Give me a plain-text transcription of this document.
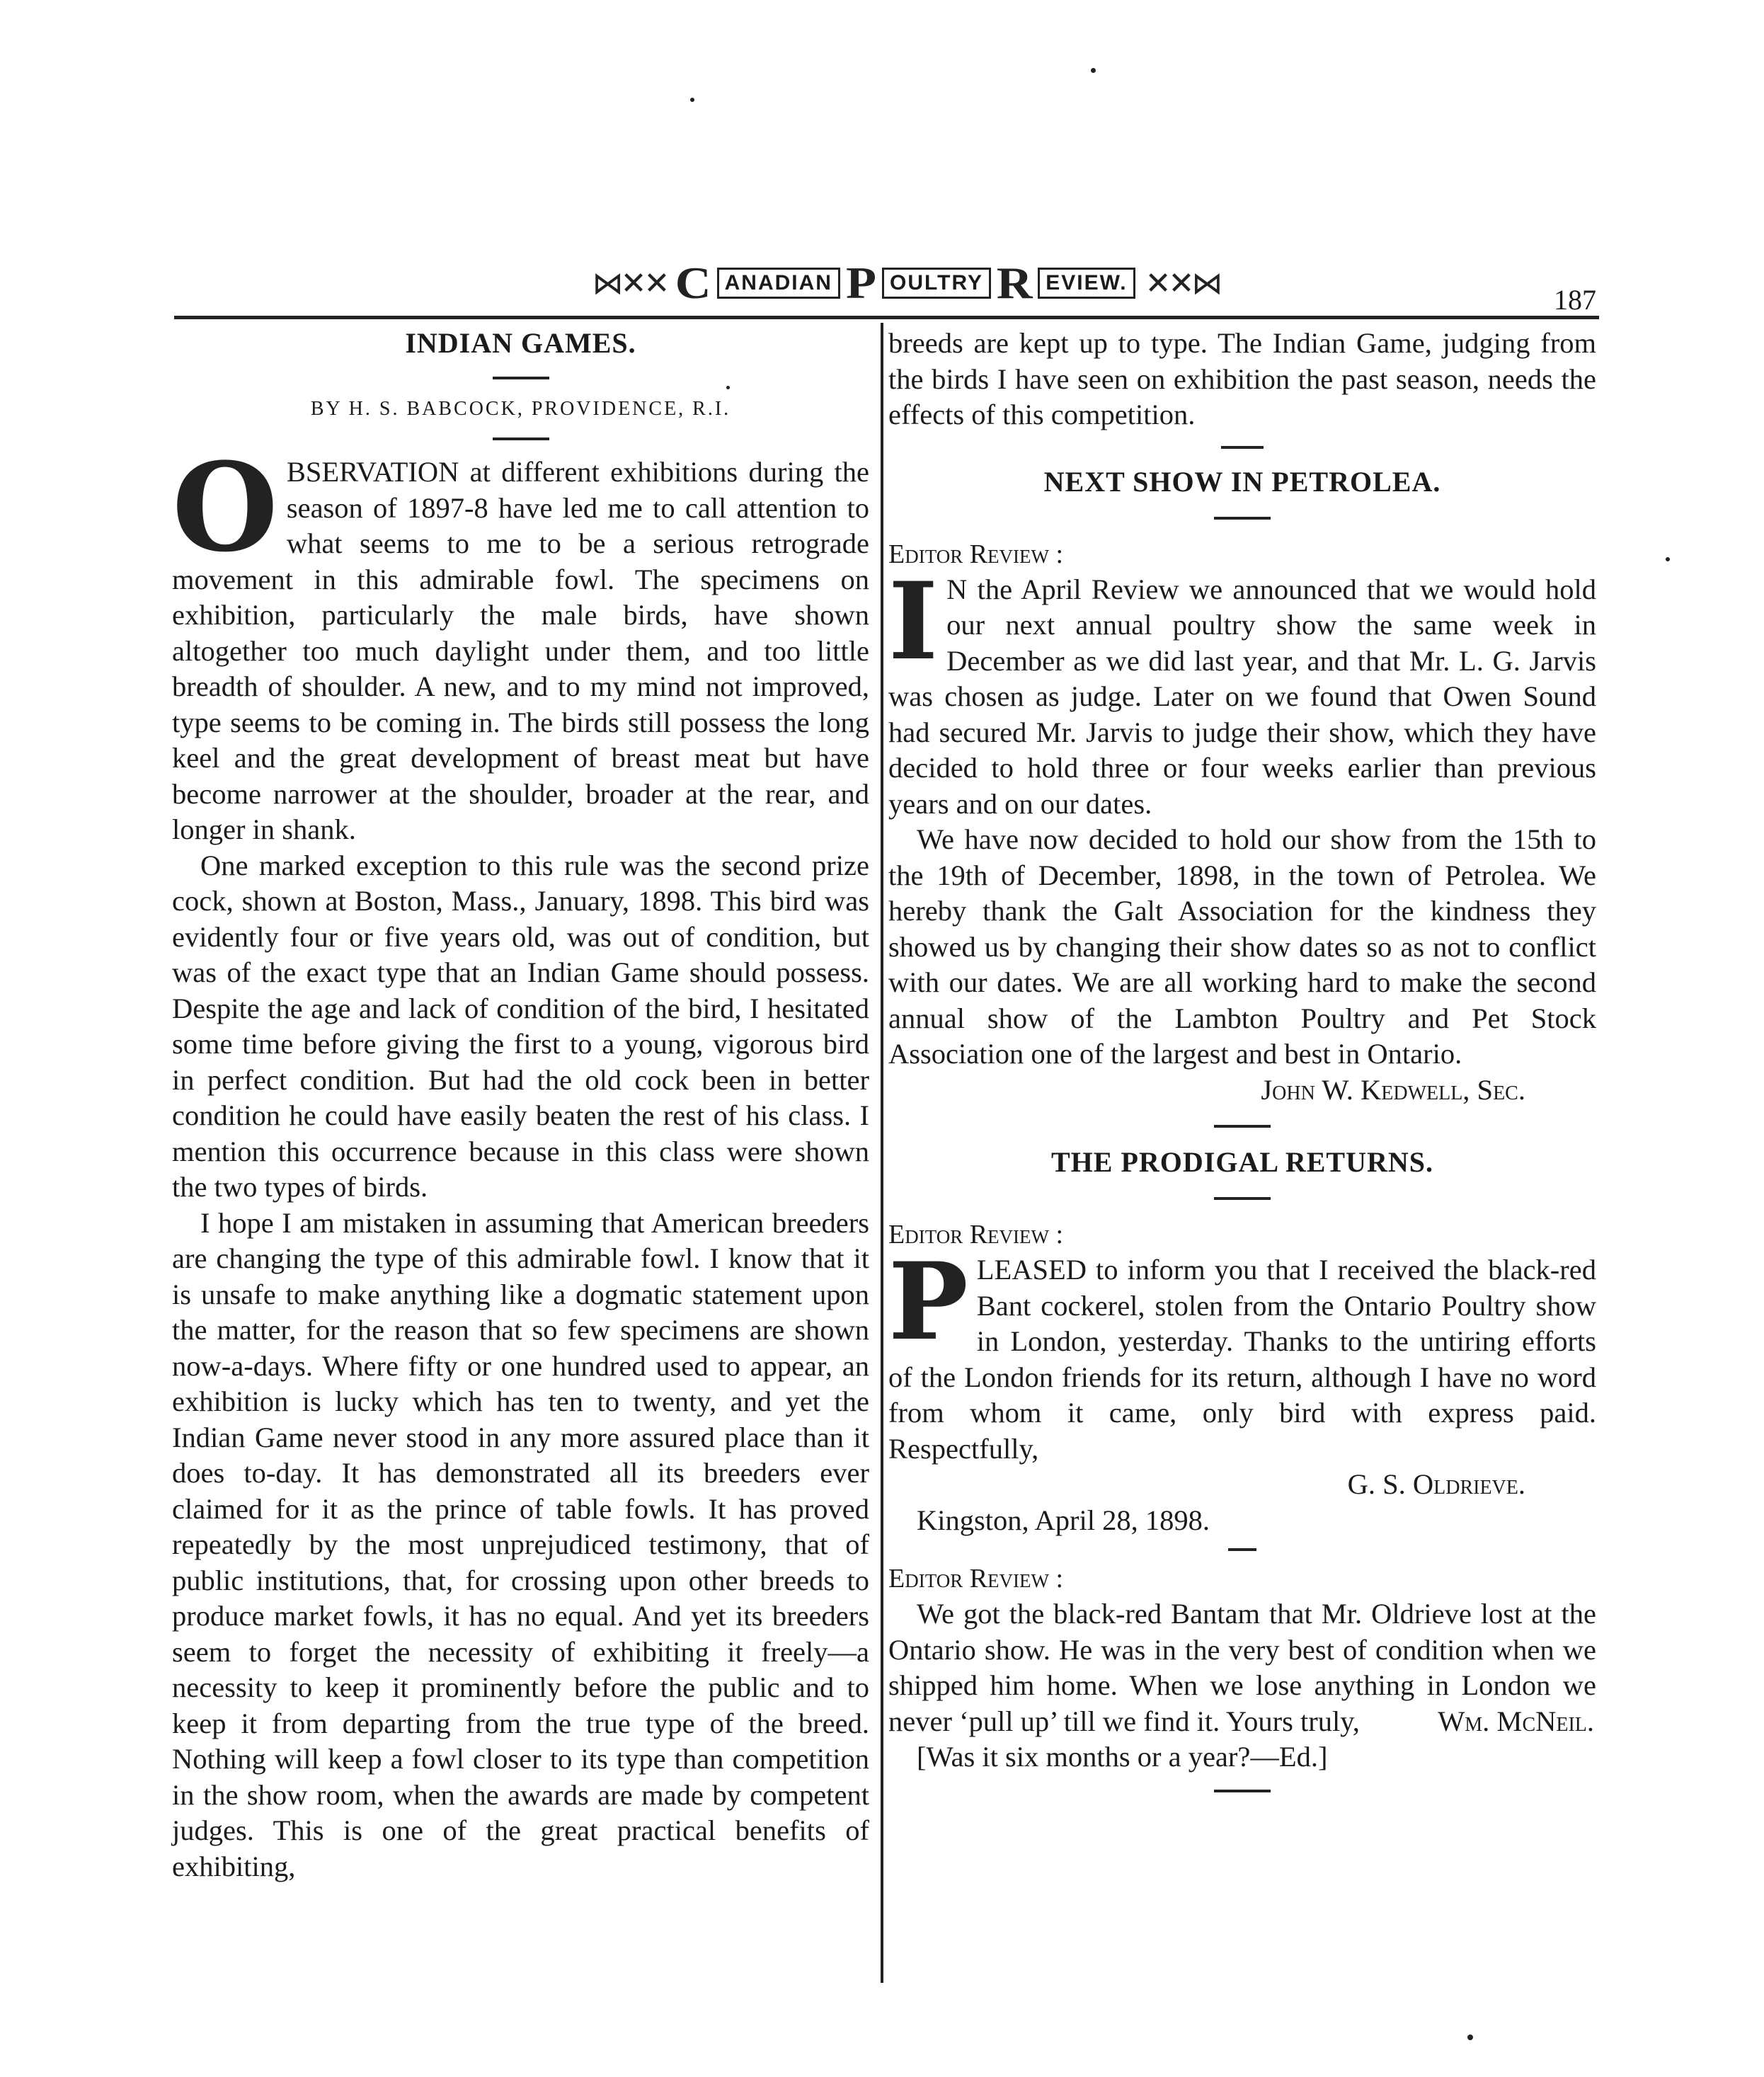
⋈✕✕ C ANADIAN P OULTRY R EVIEW. ✕✕⋈	187
INDIAN GAMES.

BY H. S. BABCOCK, PROVIDENCE, R.I.

OBSERVATION at different exhibitions during the season of 1897-8 have led me to call attention to what seems to me to be a serious retrograde movement in this admirable fowl. The specimens on exhibition, particularly the male birds, have shown altogether too much daylight under them, and too little breadth of shoulder. A new, and to my mind not improved, type seems to be coming in. The birds still possess the long keel and the great development of breast meat but have become narrower at the shoulder, broader at the rear, and longer in shank.

One marked exception to this rule was the second prize cock, shown at Boston, Mass., January, 1898. This bird was evidently four or five years old, was out of condition, but was of the exact type that an Indian Game should possess. Despite the age and lack of condition of the bird, I hesitated some time before giving the first to a young, vigorous bird in perfect condition. But had the old cock been in better condition he could have easily beaten the rest of his class. I mention this occurrence because in this class were shown the two types of birds.

I hope I am mistaken in assuming that American breeders are changing the type of this admirable fowl. I know that it is unsafe to make anything like a dogmatic statement upon the matter, for the reason that so few specimens are shown now-a-days. Where fifty or one hundred used to appear, an exhibition is lucky which has ten to twenty, and yet the Indian Game never stood in any more assured place than it does to-day. It has demonstrated all its breeders ever claimed for it as the prince of table fowls. It has proved repeatedly by the most unprejudiced testimony, that of public institutions, that, for crossing upon other breeds to produce market fowls, it has no equal. And yet its breeders seem to forget the necessity of exhibiting it freely—a necessity to keep it prominently before the public and to keep it from departing from the true type of the breed. Nothing will keep a fowl closer to its type than competition in the show room, when the awards are made by competent judges. This is one of the great practical benefits of exhibiting,

breeds are kept up to type. The Indian Game, judging from the birds I have seen on exhibition the past season, needs the effects of this competition.

NEXT SHOW IN PETROLEA.

Editor Review :

I N the April Review we announced that we would hold our next annual poultry show the same week in December as we did last year, and that Mr. L. G. Jarvis was chosen as judge. Later on we found that Owen Sound had secured Mr. Jarvis to judge their show, which they have decided to hold three or four weeks earlier than previous years and on our dates.

We have now decided to hold our show from the 15th to the 19th of December, 1898, in the town of Petrolea. We hereby thank the Galt Association for the kindness they showed us by changing their show dates so as not to conflict with our dates. We are all working hard to make the second annual show of the Lambton Poultry and Pet Stock Association one of the largest and best in Ontario.

John W. Kedwell, Sec.

THE PRODIGAL RETURNS.

Editor Review :

PLEASED to inform you that I received the black-red Bant cockerel, stolen from the Ontario Poultry show in London, yesterday. Thanks to the untiring efforts of the London friends for its return, although I have no word from whom it came, only bird with express paid. Respectfully,

G. S. Oldrieve.

Kingston, April 28, 1898.

Editor Review :

We got the black-red Bantam that Mr. Oldrieve lost at the Ontario show. He was in the very best of condition when we shipped him home. When we lose anything in London we never ‘pull up’ till we find it. Yours truly,	Wm. McNeil.

[Was it six months or a year?—Ed.]
